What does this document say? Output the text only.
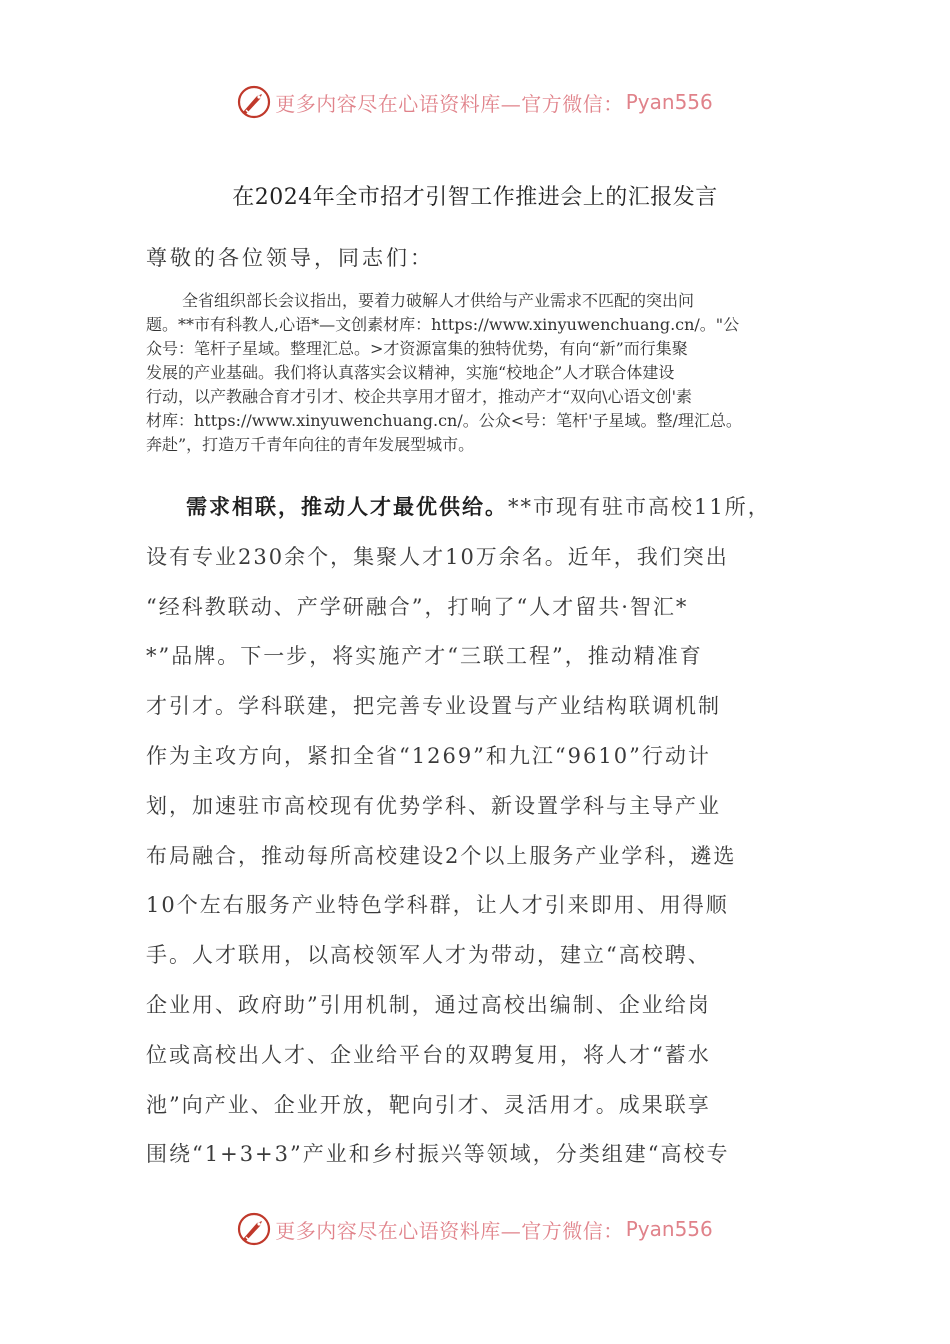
更多内容尽在心语资料库—官方微信： Pyan556
在2024年全市招才引智工作推进会上的汇报发言
尊敬的各位领导，同志们：
全省组织部长会议指出，要着力破解人才供给与产业需求不匹配的突出问
题。**市有科教人,心语*—文创素材库：https://www.xinyuwenchuang.cn/。"公
众号：笔杆子星域。整理汇总。>才资源富集的独特优势，有向“新”而行集聚
发展的产业基础。我们将认真落实会议精神，实施“校地企”人才联合体建设
行动，以产教融合育才引才、校企共享用才留才，推动产才“双向\心语文创'素
材库：https://www.xinyuwenchuang.cn/。公众<号：笔杆'子星域。整/理汇总。
奔赴”，打造万千青年向往的青年发展型城市。
需求相联，推动人才最优供给。**市现有驻市高校11所，
设有专业230余个，集聚人才10万余名。近年，我们突出
“经科教联动、产学研融合”，打响了“人才留共·智汇*
*”品牌。下一步，将实施产才“三联工程”，推动精准育
才引才。学科联建，把完善专业设置与产业结构联调机制
作为主攻方向，紧扣全省“1269”和九江“9610”行动计
划，加速驻市高校现有优势学科、新设置学科与主导产业
布局融合，推动每所高校建设2个以上服务产业学科，遴选
10个左右服务产业特色学科群，让人才引来即用、用得顺
手。人才联用，以高校领军人才为带动，建立“高校聘、
企业用、政府助”引用机制，通过高校出编制、企业给岗
位或高校出人才、企业给平台的双聘复用，将人才“蓄水
池”向产业、企业开放，靶向引才、灵活用才。成果联享
围绕“1+3+3”产业和乡村振兴等领域，分类组建“高校专
更多内容尽在心语资料库—官方微信： Pyan556
